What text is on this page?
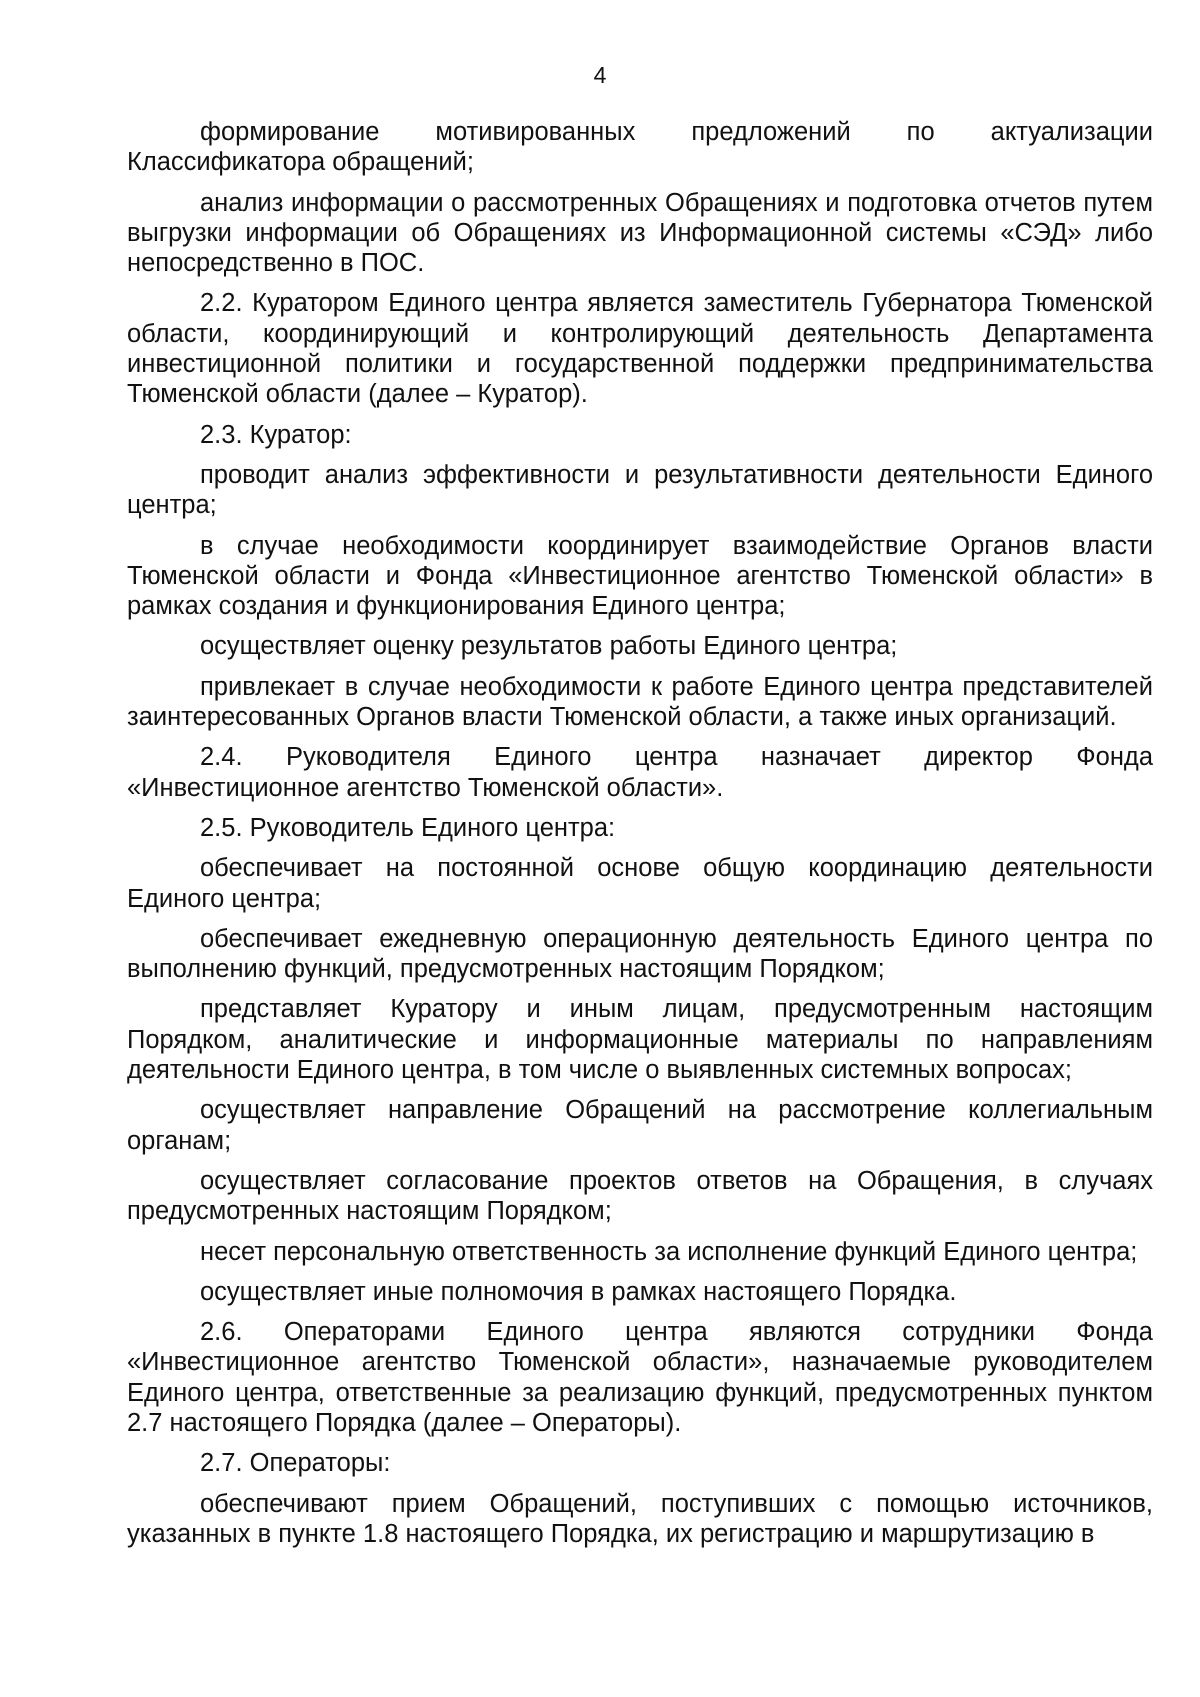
4

формирование мотивированных предложений по актуализации Классификатора обращений;

анализ информации о рассмотренных Обращениях и подготовка отчетов путем выгрузки информации об Обращениях из Информационной системы «СЭД» либо непосредственно в ПОС.

2.2. Куратором Единого центра является заместитель Губернатора Тюменской области, координирующий и контролирующий деятельность Департамента инвестиционной политики и государственной поддержки предпринимательства Тюменской области (далее – Куратор).

2.3. Куратор:

проводит анализ эффективности и результативности деятельности Единого центра;

в случае необходимости координирует взаимодействие Органов власти Тюменской области и Фонда «Инвестиционное агентство Тюменской области» в рамках создания и функционирования Единого центра;

осуществляет оценку результатов работы Единого центра;

привлекает в случае необходимости к работе Единого центра представителей заинтересованных Органов власти Тюменской области, а также иных организаций.

2.4. Руководителя Единого центра назначает директор Фонда «Инвестиционное агентство Тюменской области».

2.5. Руководитель Единого центра:

обеспечивает на постоянной основе общую координацию деятельности Единого центра;

обеспечивает ежедневную операционную деятельность Единого центра по выполнению функций, предусмотренных настоящим Порядком;

представляет Куратору и иным лицам, предусмотренным настоящим Порядком, аналитические и информационные материалы по направлениям деятельности Единого центра, в том числе о выявленных системных вопросах;

осуществляет направление Обращений на рассмотрение коллегиальным органам;

осуществляет согласование проектов ответов на Обращения, в случаях предусмотренных настоящим Порядком;

несет персональную ответственность за исполнение функций Единого центра;

осуществляет иные полномочия в рамках настоящего Порядка.

2.6. Операторами Единого центра являются сотрудники Фонда «Инвестиционное агентство Тюменской области», назначаемые руководителем Единого центра, ответственные за реализацию функций, предусмотренных пунктом 2.7 настоящего Порядка (далее – Операторы).

2.7. Операторы:

обеспечивают прием Обращений, поступивших с помощью источников, указанных в пункте 1.8 настоящего Порядка, их регистрацию и маршрутизацию в
